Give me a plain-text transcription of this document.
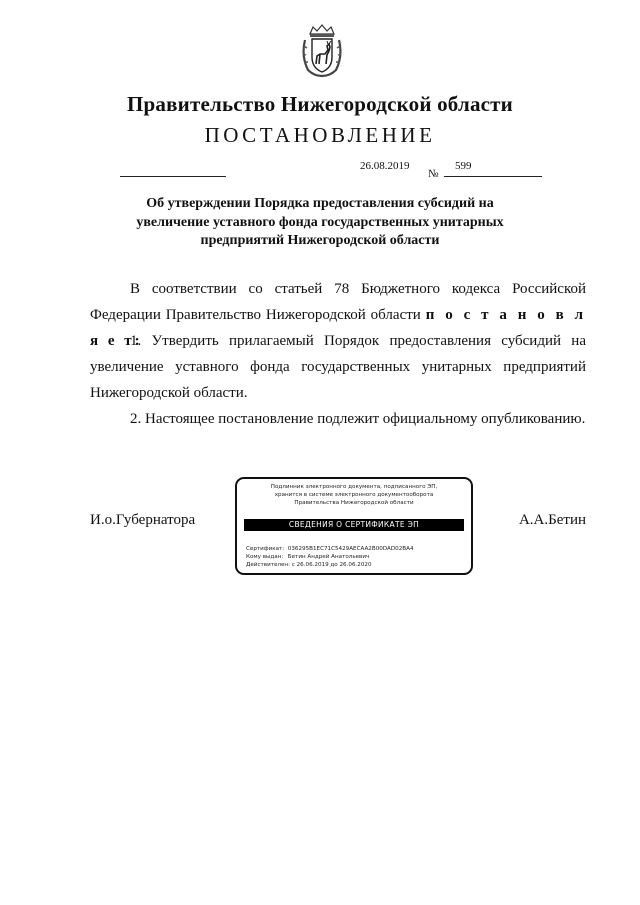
Правительство Нижегородской области
ПОСТАНОВЛЕНИЕ
26.08.2019
№
599
Об утверждении Порядка предоставления субсидий на
увеличение уставного фонда государственных унитарных
предприятий Нижегородской области
В соответствии со статьей 78 Бюджетного кодекса Российской Федерации Правительство Нижегородской области п о с т а н о в л я е т:
1. Утвердить прилагаемый Порядок предоставления субсидий на увеличение уставного фонда государственных унитарных предприятий Нижегородской области.
2. Настоящее постановление подлежит официальному опубликованию.
И.о.Губернатора	А.А.Бетин
Подлинник электронного документа, подписанного ЭП,
хранится в системе электронного документооборота
Правительства Нижегородской области
СВЕДЕНИЯ О СЕРТИФИКАТЕ ЭП
Сертификат: 036295B1EC71C5429AECAA2B00DAD02BA4
Кому выдан: Бетин Андрей Анатольевич
Действителен: с 26.06.2019 до 26.06.2020
